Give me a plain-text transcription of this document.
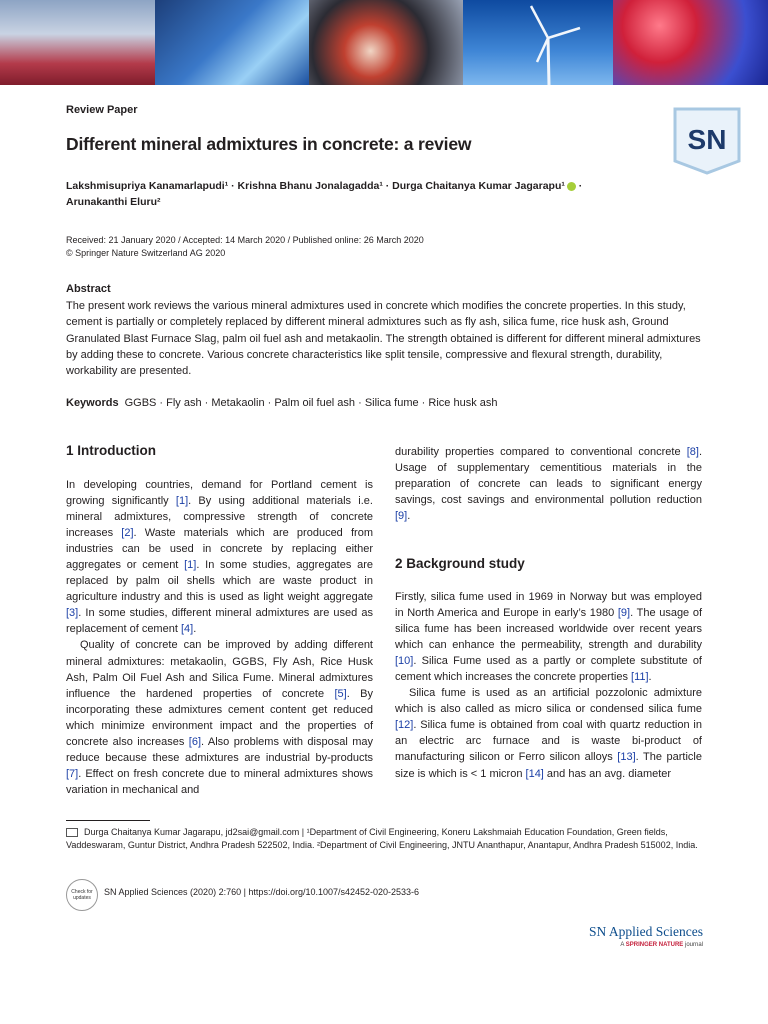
Review Paper
Different mineral admixtures in concrete: a review	SN
Lakshmisupriya Kanamarlapudi¹ · Krishna Bhanu Jonalagadda¹ · Durga Chaitanya Kumar Jagarapu¹ ·
Arunakanthi Eluru²
Received: 21 January 2020 / Accepted: 14 March 2020 / Published online: 26 March 2020
© Springer Nature Switzerland AG 2020
Abstract
The present work reviews the various mineral admixtures used in concrete which modifies the concrete properties. In this study, cement is partially or completely replaced by different mineral admixtures such as fly ash, silica fume, rice husk ash, Ground Granulated Blast Furnace Slag, palm oil fuel ash and metakaolin. The strength obtained is different for different mineral admixtures by adding these to concrete. Various concrete characteristics like split tensile, compressive and flexural strength, durability, workability are presented.
Keywords GGBS · Fly ash · Metakaolin · Palm oil fuel ash · Silica fume · Rice husk ash
1 Introduction

In developing countries, demand for Portland cement is growing significantly [1]. By using additional materials i.e. mineral admixtures, compressive strength of concrete increases [2]. Waste materials which are produced from industries can be used in concrete by replacing either aggregates or cement [1]. In some studies, aggregates are replaced by palm oil shells which are waste product in agriculture industry and this is used as light weight aggregate [3]. In some studies, different mineral admixtures are used as replacement of cement [4].

Quality of concrete can be improved by adding different mineral admixtures: metakaolin, GGBS, Fly Ash, Rice Husk Ash, Palm Oil Fuel Ash and Silica Fume. Mineral admixtures influence the hardened properties of concrete [5]. By incorporating these admixtures cement content get reduced which minimize environment impact and the properties of concrete also increases [6]. Also problems with disposal may reduce because these admixtures are industrial by-products [7]. Effect on fresh concrete due to mineral admixtures shows variation in mechanical and

durability properties compared to conventional concrete [8]. Usage of supplementary cementitious materials in the preparation of concrete can leads to significant energy savings, cost savings and environmental pollution reduction [9].

2 Background study

Firstly, silica fume used in 1969 in Norway but was employed in North America and Europe in early’s 1980 [9]. The usage of silica fume has been increased worldwide over recent years which can enhance the permeability, strength and durability [10]. Silica Fume used as a partly or complete substitute of cement which increases the concrete properties [11].

Silica fume is used as an artificial pozzolonic admixture which is also called as micro silica or condensed silica fume [12]. Silica fume is obtained from coal with quartz reduction in an electric arc furnace and is waste bi-product of manufacturing silicon or Ferro silicon alloys [13]. The particle size is which is < 1 micron [14] and has an avg. diameter

Durga Chaitanya Kumar Jagarapu, jd2sai@gmail.com | ¹Department of Civil Engineering, Koneru Lakshmaiah Education Foundation, Green fields, Vaddeswaram, Guntur District, Andhra Pradesh 522502, India. ²Department of Civil Engineering, JNTU Ananthapur, Anantapur, Andhra Pradesh 515002, India.
Check for updates
SN Applied Sciences (2020) 2:760 | https://doi.org/10.1007/s42452-020-2533-6
SN Applied Sciences
A SPRINGER NATURE journal
